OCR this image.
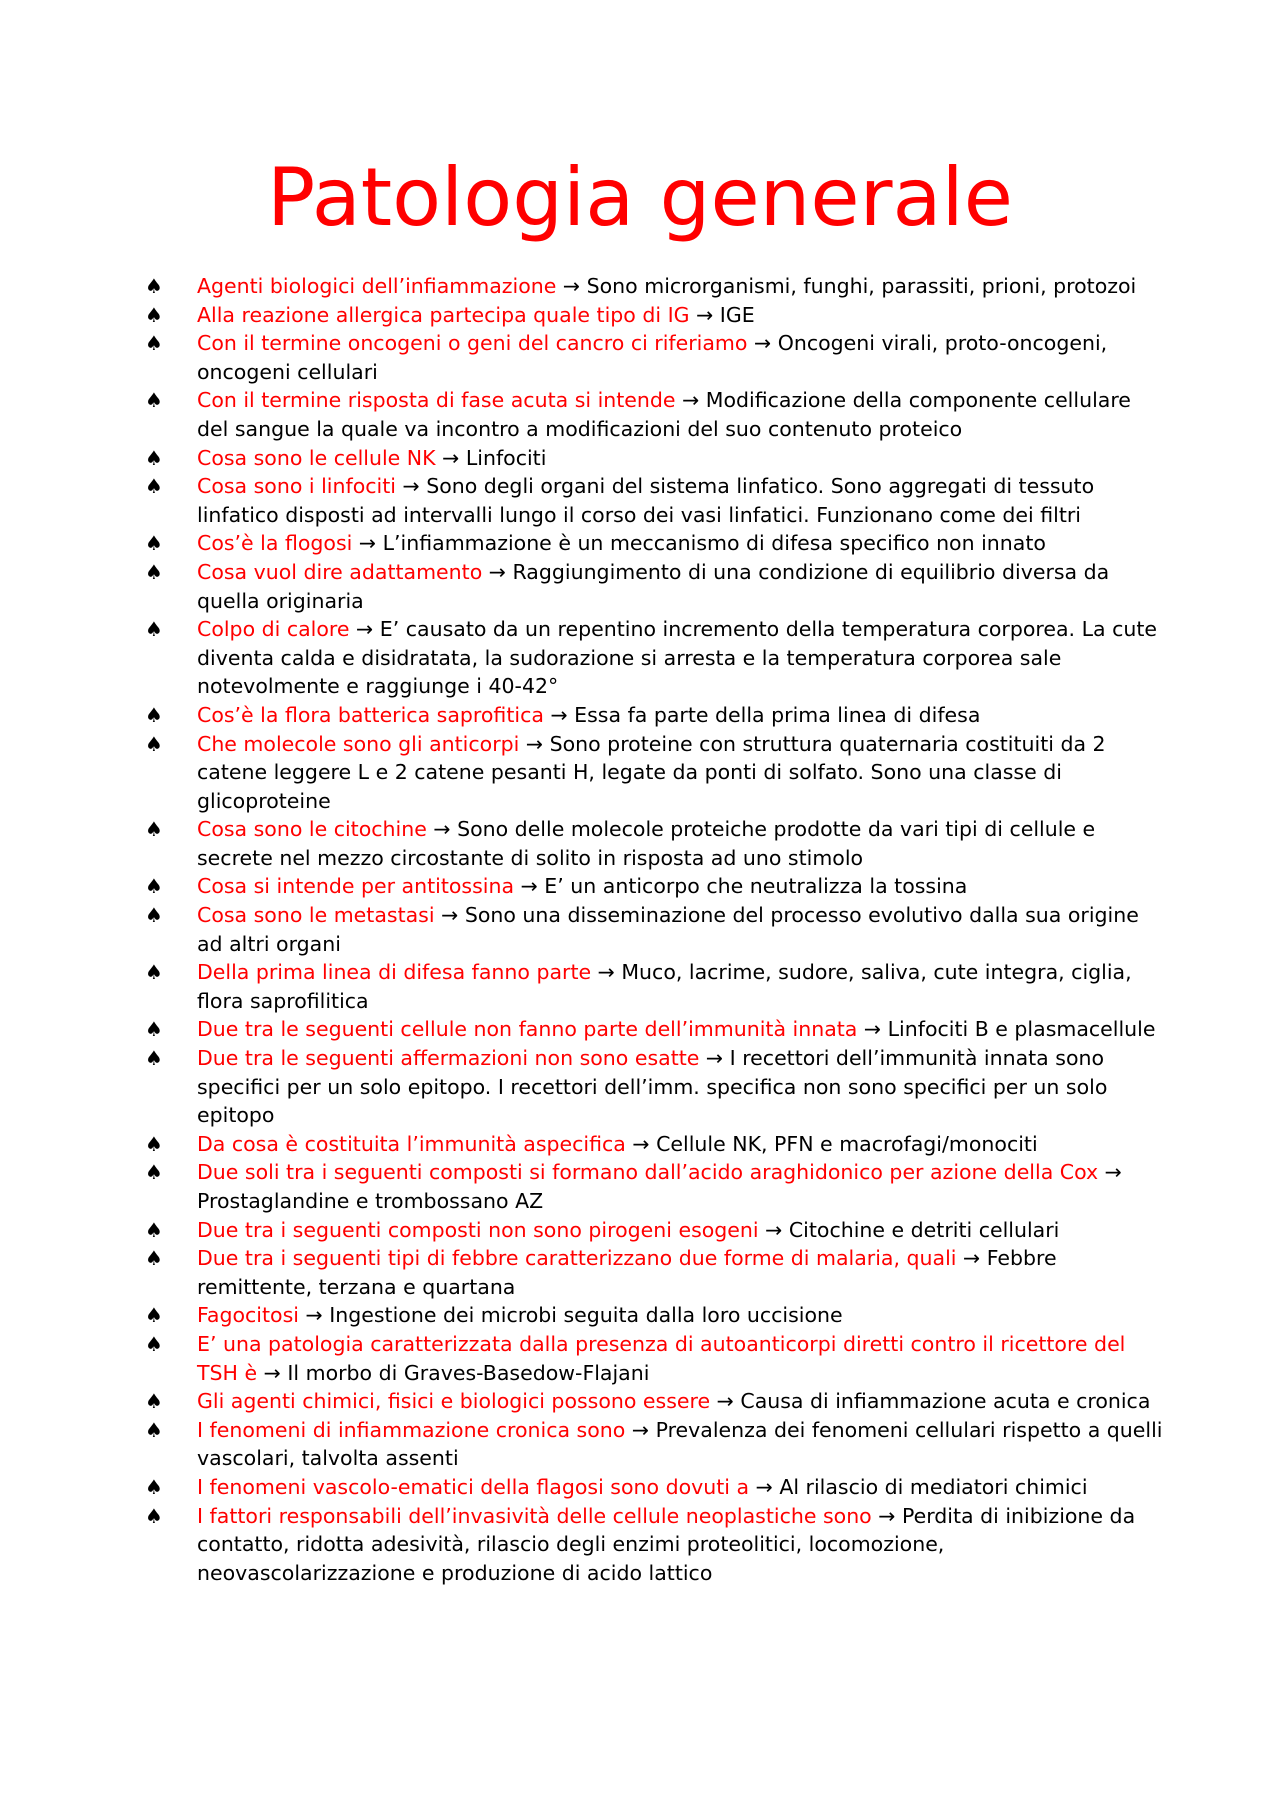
Patologia generale
♠ Agenti biologici dell’infiammazione → Sono microrganismi, funghi, parassiti, prioni, protozoi
♠ Alla reazione allergica partecipa quale tipo di IG → IGE
♠ Con il termine oncogeni o geni del cancro ci riferiamo → Oncogeni virali, proto-oncogeni, oncogeni cellulari
♠ Con il termine risposta di fase acuta si intende → Modificazione della componente cellulare del sangue la quale va incontro a modificazioni del suo contenuto proteico
♠ Cosa sono le cellule NK → Linfociti
♠ Cosa sono i linfociti → Sono degli organi del sistema linfatico. Sono aggregati di tessuto linfatico disposti ad intervalli lungo il corso dei vasi linfatici. Funzionano come dei filtri
♠ Cos’è la flogosi → L’infiammazione è un meccanismo di difesa specifico non innato
♠ Cosa vuol dire adattamento → Raggiungimento di una condizione di equilibrio diversa da quella originaria
♠ Colpo di calore → E’ causato da un repentino incremento della temperatura corporea. La cute diventa calda e disidratata, la sudorazione si arresta e la temperatura corporea sale notevolmente e raggiunge i 40-42°
♠ Cos’è la flora batterica saprofitica → Essa fa parte della prima linea di difesa
♠ Che molecole sono gli anticorpi → Sono proteine con struttura quaternaria costituiti da 2 catene leggere L e 2 catene pesanti H, legate da ponti di solfato. Sono una classe di glicoproteine
♠ Cosa sono le citochine → Sono delle molecole proteiche prodotte da vari tipi di cellule e secrete nel mezzo circostante di solito in risposta ad uno stimolo
♠ Cosa si intende per antitossina → E’ un anticorpo che neutralizza la tossina
♠ Cosa sono le metastasi → Sono una disseminazione del processo evolutivo dalla sua origine ad altri organi
♠ Della prima linea di difesa fanno parte → Muco, lacrime, sudore, saliva, cute integra, ciglia, flora saprofilitica
♠ Due tra le seguenti cellule non fanno parte dell’immunità innata → Linfociti B e plasmacellule
♠ Due tra le seguenti affermazioni non sono esatte → I recettori dell’immunità innata sono specifici per un solo epitopo. I recettori dell’imm. specifica non sono specifici per un solo epitopo
♠ Da cosa è costituita l’immunità aspecifica → Cellule NK, PFN e macrofagi/monociti
♠ Due soli tra i seguenti composti si formano dall’acido araghidonico per azione della Cox → Prostaglandine e trombossano AZ
♠ Due tra i seguenti composti non sono pirogeni esogeni → Citochine e detriti cellulari
♠ Due tra i seguenti tipi di febbre caratterizzano due forme di malaria, quali → Febbre remittente, terzana e quartana
♠ Fagocitosi → Ingestione dei microbi seguita dalla loro uccisione
♠ E’ una patologia caratterizzata dalla presenza di autoanticorpi diretti contro il ricettore del TSH è → Il morbo di Graves-Basedow-Flajani
♠ Gli agenti chimici, fisici e biologici possono essere → Causa di infiammazione acuta e cronica
♠ I fenomeni di infiammazione cronica sono → Prevalenza dei fenomeni cellulari rispetto a quelli vascolari, talvolta assenti
♠ I fenomeni vascolo-ematici della flagosi sono dovuti a → Al rilascio di mediatori chimici
♠ I fattori responsabili dell’invasività delle cellule neoplastiche sono → Perdita di inibizione da contatto, ridotta adesività, rilascio degli enzimi proteolitici, locomozione, neovascolarizzazione e produzione di acido lattico
